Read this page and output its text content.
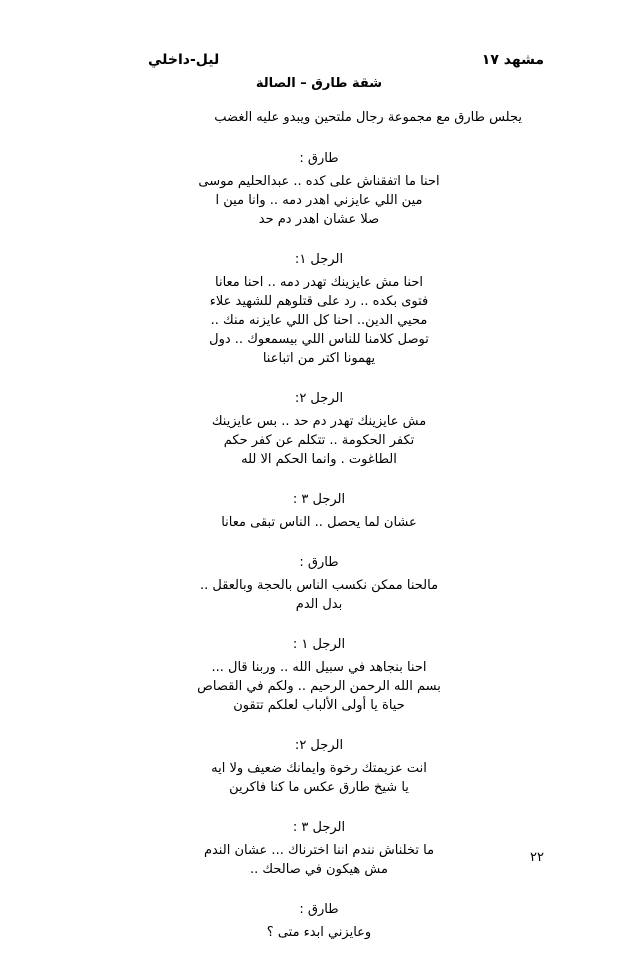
مشهد ١٧
ليل-داخلي
شقة طارق – الصالة
يجلس طارق مع مجموعة رجال ملتحين ويبدو عليه الغضب
طارق :
احنا ما اتفقناش على كده .. عبدالحليم موسى
مين اللي عايزني اهدر دمه .. وانا مين ا
صلا عشان اهدر دم حد
الرجل ١:
احنا مش عايزينك تهدر دمه .. احنا معانا
فتوى بكده .. رد على قتلوهم للشهيد علاء
محيي الدين.. احنا كل اللي عايزنه منك ..
توصل كلامنا للناس اللي بيسمعوك .. دول
يهمونا اكتر من اتباعنا
الرجل ٢:
مش عايزينك تهدر دم حد .. بس عايزينك
تكفر الحكومة .. تتكلم عن كفر حكم
الطاغوت . وانما الحكم الا لله
الرجل ٣ :
عشان لما يحصل .. الناس تبقى معانا
طارق :
مالحنا ممكن نكسب الناس بالحجة وبالعقل ..
بدل الدم
الرجل ١ :
احنا بنجاهد في سبيل الله .. وربنا قال ...
بسم الله الرحمن الرحيم .. ولكم في القصاص
حياة يا أولى الألباب لعلكم تتقون
الرجل ٢:
انت عزيمتك رخوة وايمانك ضعيف ولا ايه
يا شيخ طارق عكس ما كنا فاكرين
الرجل ٣ :
ما تخلناش نندم اننا اخترناك ... عشان الندم
مش هيكون في صالحك ..
طارق :
وعايزني ابدء متى ؟
٢٢
